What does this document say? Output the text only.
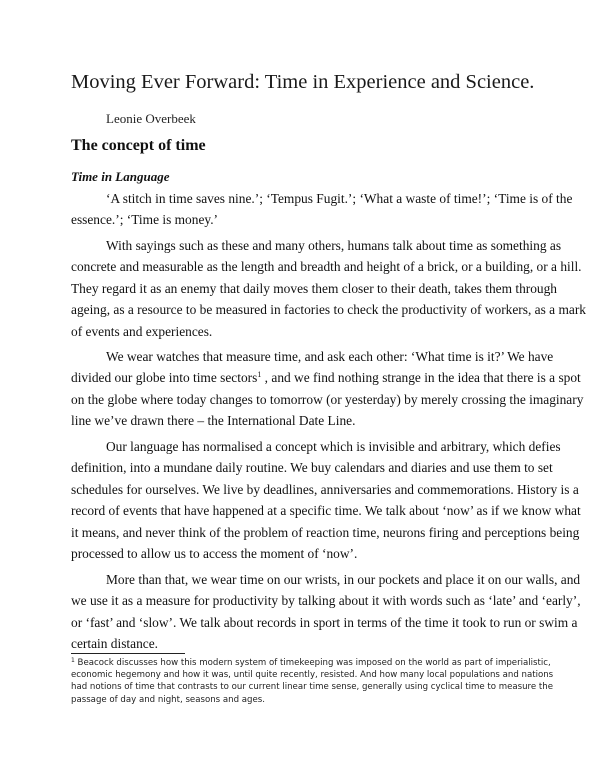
Moving Ever Forward: Time in Experience and Science.
Leonie Overbeek
The concept of time
Time in Language

‘A stitch in time saves nine.’; ‘Tempus Fugit.’; ‘What a waste of time!’; ‘Time is of the
essence.’; ‘Time is money.’

With sayings such as these and many others, humans talk about time as something as
concrete and measurable as the length and breadth and height of a brick, or a building, or a hill.
They regard it as an enemy that daily moves them closer to their death, takes them through
ageing, as a resource to be measured in factories to check the productivity of workers, as a mark
of events and experiences.

We wear watches that measure time, and ask each other: ‘What time is it?’ We have
divided our globe into time sectors$^1$ , and we find nothing strange in the idea that there is a spot
on the globe where today changes to tomorrow (or yesterday) by merely crossing the imaginary
line we’ve drawn there – the International Date Line.

Our language has normalised a concept which is invisible and arbitrary, which defies
definition, into a mundane daily routine. We buy calendars and diaries and use them to set
schedules for ourselves. We live by deadlines, anniversaries and commemorations. History is a
record of events that have happened at a specific time. We talk about ‘now’ as if we know what
it means, and never think of the problem of reaction time, neurons firing and perceptions being
processed to allow us to access the moment of ‘now’.

More than that, we wear time on our wrists, in our pockets and place it on our walls, and
we use it as a measure for productivity by talking about it with words such as ‘late’ and ‘early’,
or ‘fast’ and ‘slow’. We talk about records in sport in terms of the time it took to run or swim a
certain distance.

$^1$ Beacock discusses how this modern system of timekeeping was imposed on the world as part of imperialistic,
economic hegemony and how it was, until quite recently, resisted. And how many local populations and nations
had notions of time that contrasts to our current linear time sense, generally using cyclical time to measure the
passage of day and night, seasons and ages.
